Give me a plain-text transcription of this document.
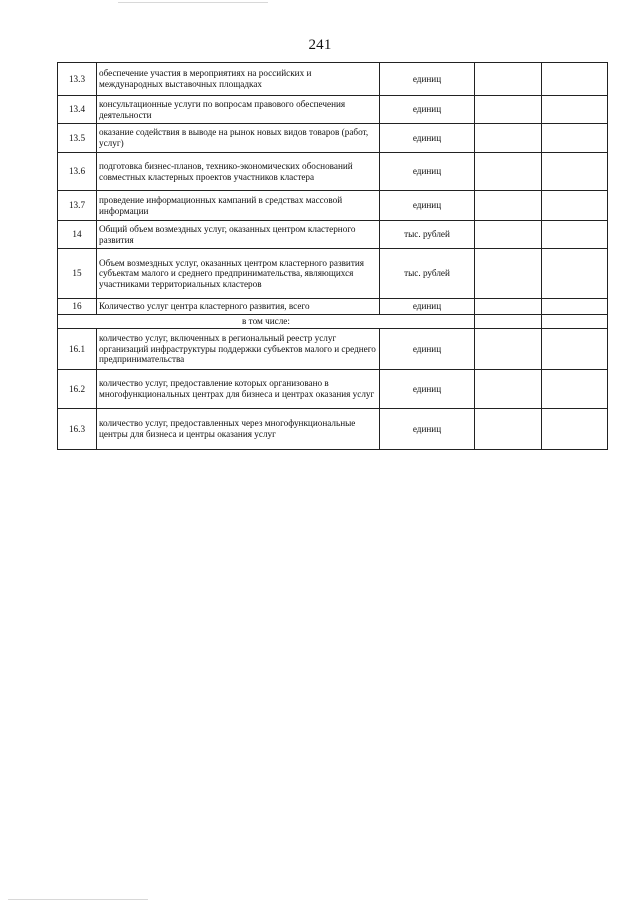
241
13.3	обеспечение участия в мероприятиях на российских и международных выставочных площадках	единиц		
13.4	консультационные услуги по вопросам правового обеспечения деятельности	единиц		
13.5	оказание содействия в выводе на рынок новых видов товаров (работ, услуг)	единиц		
13.6	подготовка бизнес-планов, технико-экономических обоснований совместных кластерных проектов участников кластера	единиц		
13.7	проведение информационных кампаний в средствах массовой информации	единиц		
14	Общий объем возмездных услуг, оказанных центром кластерного развития	тыс. рублей		
15	Объем возмездных услуг, оказанных центром кластерного развития субъектам малого и среднего предпринимательства, являющихся участниками территориальных кластеров	тыс. рублей		
16	Количество услуг центра кластерного развития, всего	единиц		
в том числе:				
16.1	количество услуг, включенных в региональный реестр услуг организаций инфраструктуры поддержки субъектов малого и среднего предпринимательства	единиц		
16.2	количество услуг, предоставление которых организовано в многофункциональных центрах для бизнеса и центрах оказания услуг	единиц		
16.3	количество услуг, предоставленных через многофункциональные центры для бизнеса и центры оказания услуг	единиц		
